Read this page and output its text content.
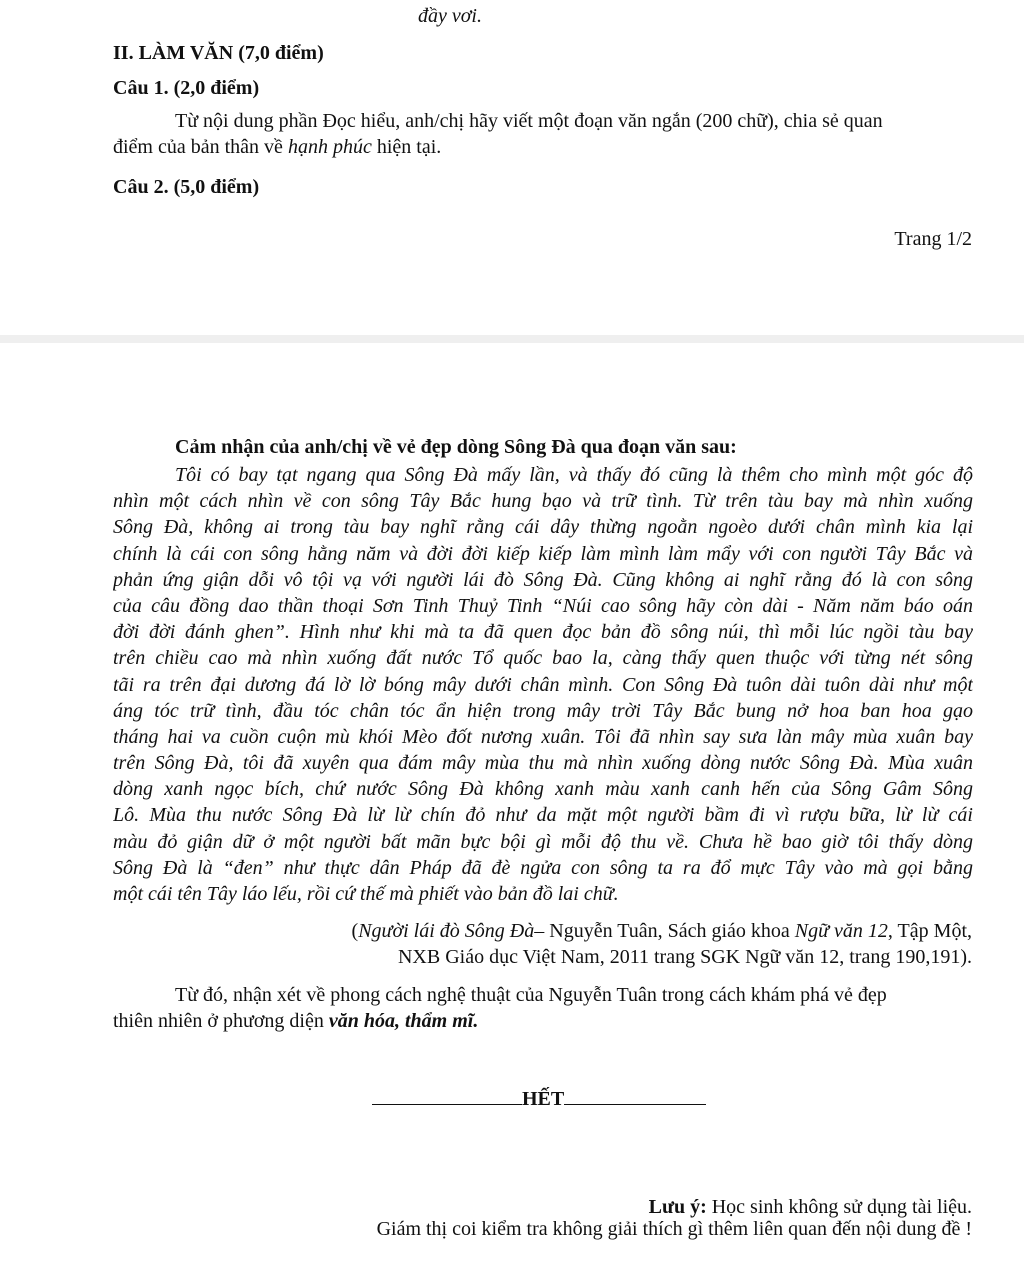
đầy vơi.
II. LÀM VĂN (7,0 điểm)
Câu 1. (2,0 điểm)
Từ nội dung phần Đọc hiểu, anh/chị hãy viết một đoạn văn ngắn (200 chữ), chia sẻ quan
điểm của bản thân về hạnh phúc hiện tại.
Câu 2. (5,0 điểm)
Trang 1/2
Cảm nhận của anh/chị về vẻ đẹp dòng Sông Đà qua đoạn văn sau:
Tôi có bay tạt ngang qua Sông Đà mấy lần, và thấy đó cũng là thêm cho mình một góc độ
nhìn một cách nhìn về con sông Tây Bắc hung bạo và trữ tình. Từ trên tàu bay mà nhìn xuống
Sông Đà, không ai trong tàu bay nghĩ rằng cái dây thừng ngoằn ngoèo dưới chân mình kia lại
chính là cái con sông hằng năm và đời đời kiếp kiếp làm mình làm mẩy với con người Tây Bắc và
phản ứng giận dỗi vô tội vạ với người lái đò Sông Đà. Cũng không ai nghĩ rằng đó là con sông
của câu đồng dao thần thoại Sơn Tinh Thuỷ Tinh “Núi cao sông hãy còn dài - Năm năm báo oán
đời đời đánh ghen”. Hình như khi mà ta đã quen đọc bản đồ sông núi, thì mỗi lúc ngồi tàu bay
trên chiều cao mà nhìn xuống đất nước Tổ quốc bao la, càng thấy quen thuộc với từng nét sông
tãi ra trên đại dương đá lờ lờ bóng mây dưới chân mình. Con Sông Đà tuôn dài tuôn dài như một
áng tóc trữ tình, đầu tóc chân tóc ẩn hiện trong mây trời Tây Bắc bung nở hoa ban hoa gạo
tháng hai va cuồn cuộn mù khói Mèo đốt nương xuân. Tôi đã nhìn say sưa làn mây mùa xuân bay
trên Sông Đà, tôi đã xuyên qua đám mây mùa thu mà nhìn xuống dòng nước Sông Đà. Mùa xuân
dòng xanh ngọc bích, chứ nước Sông Đà không xanh màu xanh canh hến của Sông Gâm Sông
Lô. Mùa thu nước Sông Đà lừ lừ chín đỏ như da mặt một người bầm đi vì rượu bữa, lừ lừ cái
màu đỏ giận dữ ở một người bất mãn bực bội gì mỗi độ thu về. Chưa hề bao giờ tôi thấy dòng
Sông Đà là “đen” như thực dân Pháp đã đè ngửa con sông ta ra đổ mực Tây vào mà gọi bằng
một cái tên Tây láo lếu, rồi cứ thế mà phiết vào bản đồ lai chữ.
(Người lái đò Sông Đà– Nguyễn Tuân, Sách giáo khoa Ngữ văn 12, Tập Một,
NXB Giáo dục Việt Nam, 2011 trang SGK Ngữ văn 12, trang 190,191).
Từ đó, nhận xét về phong cách nghệ thuật của Nguyễn Tuân trong cách khám phá vẻ đẹp
thiên nhiên ở phương diện văn hóa, thẩm mĩ.
HẾT
Lưu ý: Học sinh không sử dụng tài liệu.
Giám thị coi kiểm tra không giải thích gì thêm liên quan đến nội dung đề !
